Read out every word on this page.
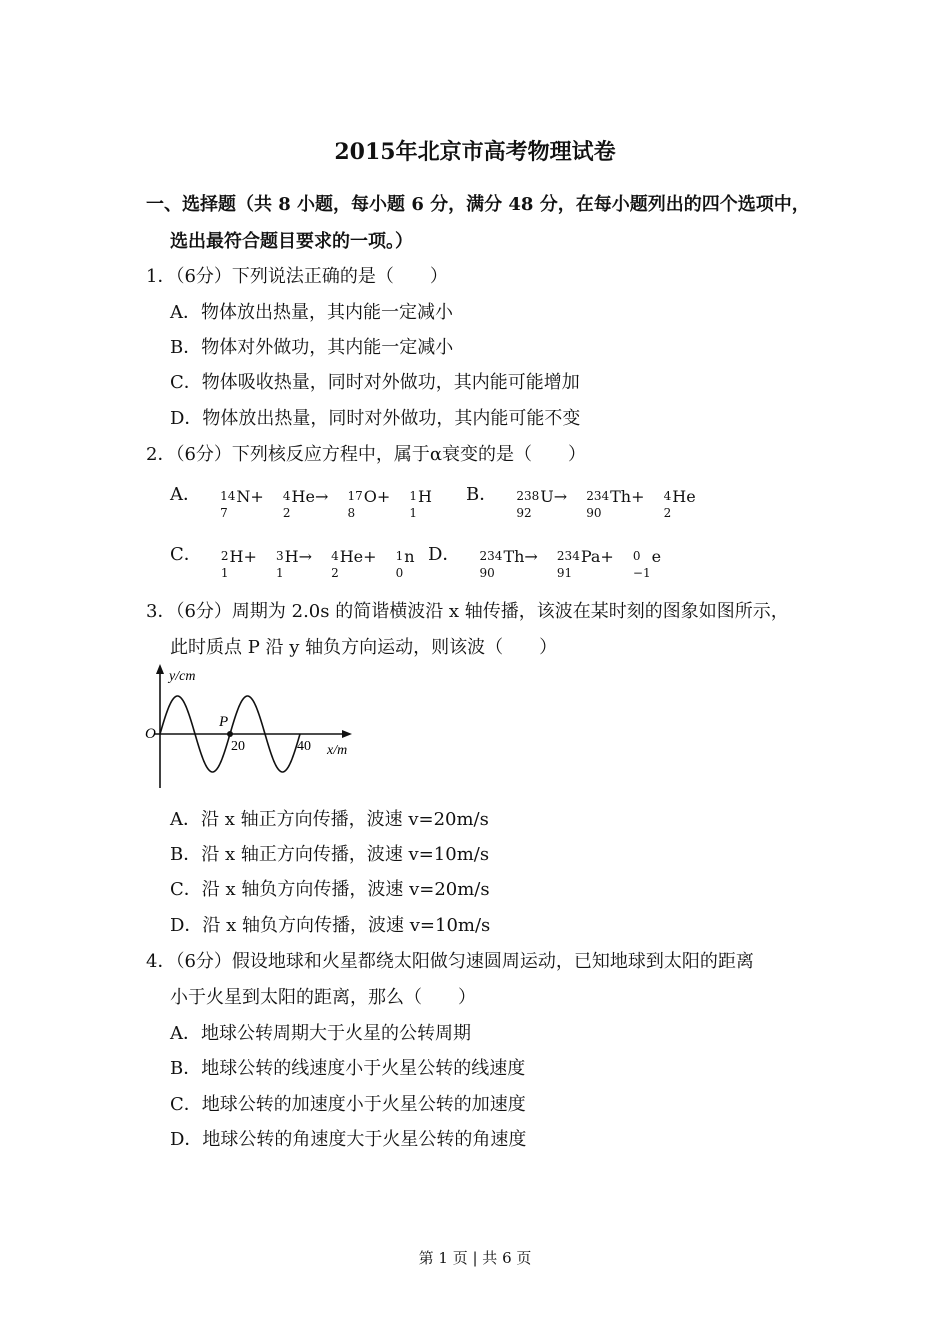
2015年北京市高考物理试卷
一、选择题（共 8 小题，每小题 6 分，满分 48 分，在每小题列出的四个选项中，
选出最符合题目要求的一项。）
1．（6分）下列说法正确的是（　　）
A．物体放出热量，其内能一定减小
B．物体对外做功，其内能一定减小
C．物体吸收热量，同时对外做功，其内能可能增加
D．物体放出热量，同时对外做功，其内能可能不变
2．（6分）下列核反应方程中，属于α衰变的是（　　）
A． 14
7
N+
4
2
He→
17
8
O+
1
1
H B． 238
92
U→
234
90
Th+
4
2
He
C． 2
1
H+
3
1
H→
4
2
He+
1
0
n D． 234
90
Th→
234
91
Pa+
0
−1
e
3．（6分）周期为 2.0s 的简谐横波沿 x 轴传播，该波在某时刻的图象如图所示，
此时质点 P 沿 y 轴负方向运动，则该波（　　）
y/cm
x/m
O
P
20	40
A．沿 x 轴正方向传播，波速 v=20m/s
B．沿 x 轴正方向传播，波速 v=10m/s
C．沿 x 轴负方向传播，波速 v=20m/s
D．沿 x 轴负方向传播，波速 v=10m/s
4．（6分）假设地球和火星都绕太阳做匀速圆周运动，已知地球到太阳的距离
小于火星到太阳的距离，那么（　　）
A．地球公转周期大于火星的公转周期
B．地球公转的线速度小于火星公转的线速度
C．地球公转的加速度小于火星公转的加速度
D．地球公转的角速度大于火星公转的角速度
第 1 页 | 共 6 页
